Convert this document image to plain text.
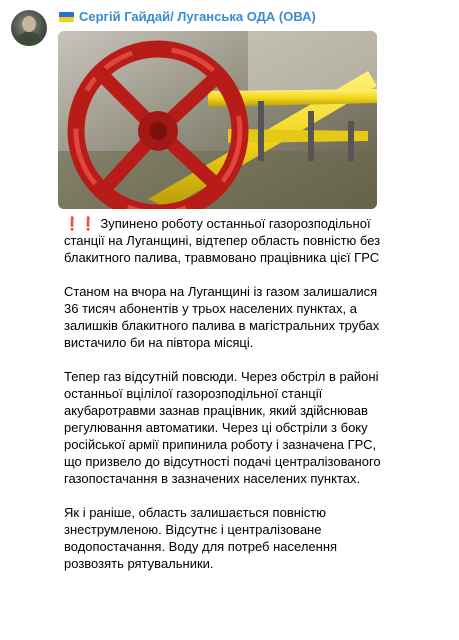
Сергій Гайдай/ Луганська ОДА (ОВА)

❗❗ Зупинено роботу останньої газорозподільної станції на Луганщині, відтепер область повністю без блакитного палива, травмовано працівника цієї ГРС

Станом на вчора на Луганщині із газом залишалися 36 тисяч абонентів у трьох населених пунктах, а залишків блакитного палива в магістральних трубах вистачило би на півтора місяці.

Тепер газ відсутній повсюди. Через обстріл в районі останньої вцілілої газорозподільної станції акубаротравми зазнав працівник, який здійснював регулювання автоматики. Через ці обстріли з боку російської армії припинила роботу і зазначена ГРС, що призвело до відсутності подачі централізованого газопостачання в зазначених населених пунктах.

Як і раніше, область залишається повністю знеструмленою. Відсутнє і централізоване водопостачання. Воду для потреб населення розвозять рятувальники.
